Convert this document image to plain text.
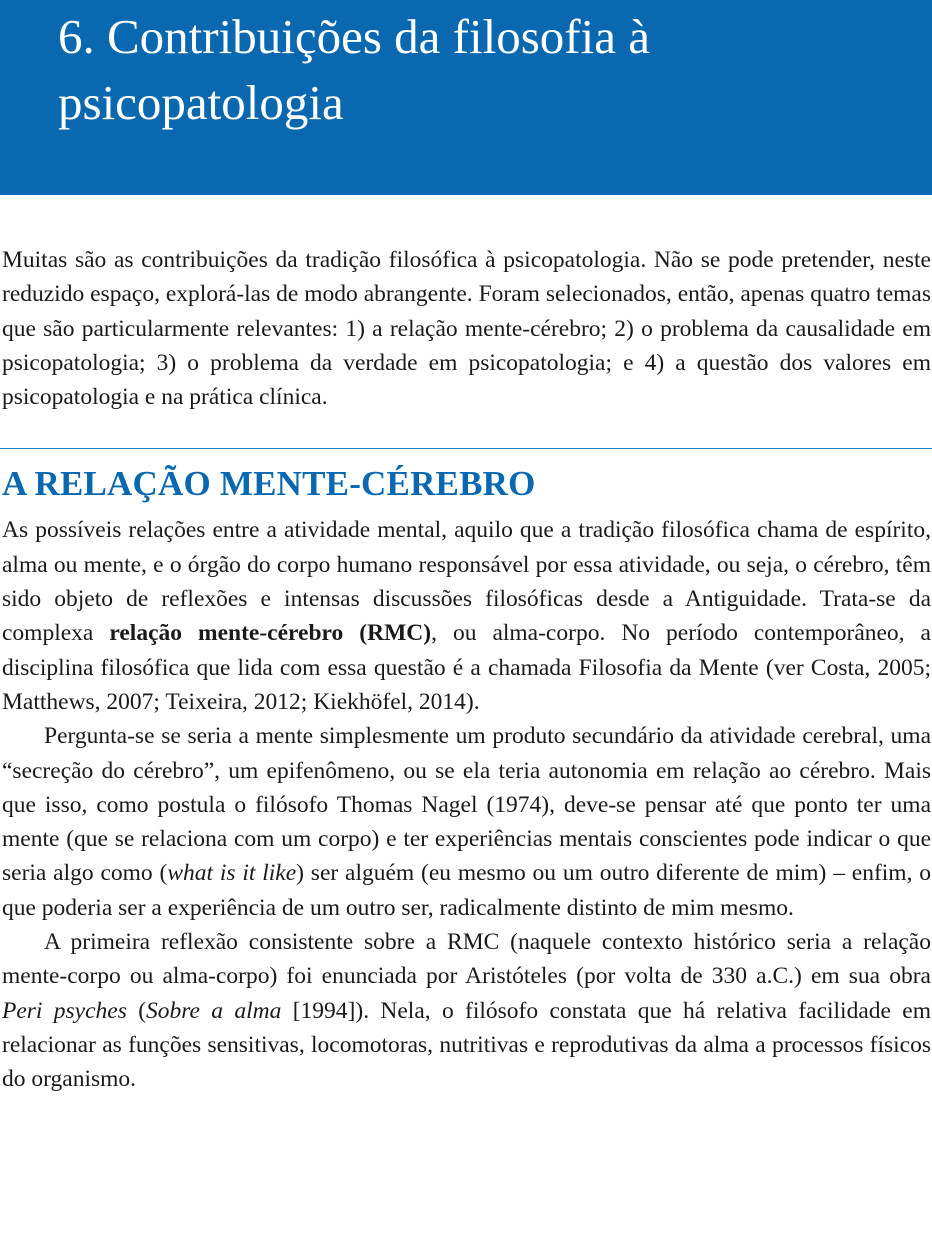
6. Contribuições da filosofia à psicopatologia

Muitas são as contribuições da tradição filosófica à psicopatologia. Não se pode pretender, neste reduzido espaço, explorá-las de modo abrangente. Foram selecionados, então, apenas quatro temas que são particularmente relevantes: 1) a relação mente-cérebro; 2) o problema da causalidade em psicopatologia; 3) o problema da verdade em psicopatologia; e 4) a questão dos valores em psicopatologia e na prática clínica.

A RELAÇÃO MENTE-CÉREBRO

As possíveis relações entre a atividade mental, aquilo que a tradição filosófica chama de espírito, alma ou mente, e o órgão do corpo humano responsável por essa atividade, ou seja, o cérebro, têm sido objeto de reflexões e intensas discussões filosóficas desde a Antiguidade. Trata-se da complexa relação mente-cérebro (RMC), ou alma-corpo. No período contemporâneo, a disciplina filosófica que lida com essa questão é a chamada Filosofia da Mente (ver Costa, 2005; Matthews, 2007; Teixeira, 2012; Kiekhöfel, 2014).

Pergunta-se se seria a mente simplesmente um produto secundário da atividade cerebral, uma “secreção do cérebro”, um epifenômeno, ou se ela teria autonomia em relação ao cérebro. Mais que isso, como postula o filósofo Thomas Nagel (1974), deve-se pensar até que ponto ter uma mente (que se relaciona com um corpo) e ter experiências mentais conscientes pode indicar o que seria algo como (what is it like) ser alguém (eu mesmo ou um outro diferente de mim) – enfim, o que poderia ser a experiência de um outro ser, radicalmente distinto de mim mesmo.

A primeira reflexão consistente sobre a RMC (naquele contexto histórico seria a relação mente-corpo ou alma-corpo) foi enunciada por Aristóteles (por volta de 330 a.C.) em sua obra Peri psyches (Sobre a alma [1994]). Nela, o filósofo constata que há relativa facilidade em relacionar as funções sensitivas, locomotoras, nutritivas e reprodutivas da alma a processos físicos do organismo.
